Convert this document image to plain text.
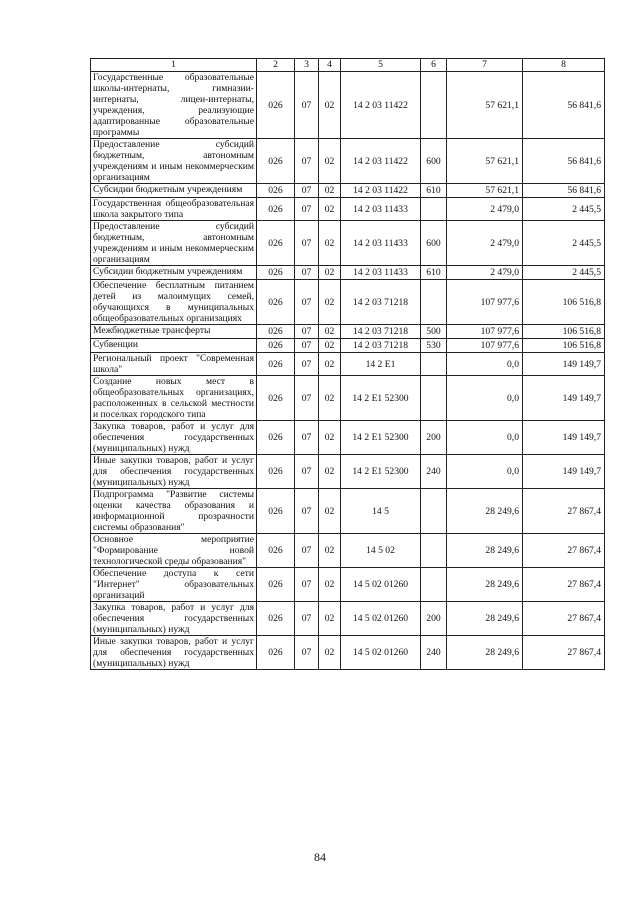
1	2	3	4	5	6	7	8
Государственные образовательные школы-интернаты, гимназии-интернаты, лицеи-интернаты, учреждения, реализующие адаптированные образовательные программы	026	07	02	14 2 03 11422		57 621,1	56 841,6
Предоставление субсидий бюджетным, автономным учреждениям и иным некоммерческим организациям	026	07	02	14 2 03 11422	600	57 621,1	56 841,6
Субсидии бюджетным учреждениям	026	07	02	14 2 03 11422	610	57 621,1	56 841,6
Государственная общеобразовательная школа закрытого типа	026	07	02	14 2 03 11433		2 479,0	2 445,5
Предоставление субсидий бюджетным, автономным учреждениям и иным некоммерческим организациям	026	07	02	14 2 03 11433	600	2 479,0	2 445,5
Субсидии бюджетным учреждениям	026	07	02	14 2 03 11433	610	2 479,0	2 445,5
Обеспечение бесплатным питанием детей из малоимущих семей, обучающихся в муниципальных общеобразовательных организациях	026	07	02	14 2 03 71218		107 977,6	106 516,8
Межбюджетные трансферты	026	07	02	14 2 03 71218	500	107 977,6	106 516,8
Субвенции	026	07	02	14 2 03 71218	530	107 977,6	106 516,8
Региональный проект "Современная школа"	026	07	02	14 2 E1		0,0	149 149,7
Создание новых мест в общеобразовательных организациях, расположенных в сельской местности и поселках городского типа	026	07	02	14 2 E1 52300		0,0	149 149,7
Закупка товаров, работ и услуг для обеспечения государственных (муниципальных) нужд	026	07	02	14 2 E1 52300	200	0,0	149 149,7
Иные закупки товаров, работ и услуг для обеспечения государственных (муниципальных) нужд	026	07	02	14 2 E1 52300	240	0,0	149 149,7
Подпрограмма "Развитие системы оценки качества образования и информационной прозрачности системы образования"	026	07	02	14 5		28 249,6	27 867,4
Основное мероприятие "Формирование новой технологической среды образования"	026	07	02	14 5 02		28 249,6	27 867,4
Обеспечение доступа к сети "Интернет" образовательных организаций	026	07	02	14 5 02 01260		28 249,6	27 867,4
Закупка товаров, работ и услуг для обеспечения государственных (муниципальных) нужд	026	07	02	14 5 02 01260	200	28 249,6	27 867,4
Иные закупки товаров, работ и услуг для обеспечения государственных (муниципальных) нужд	026	07	02	14 5 02 01260	240	28 249,6	27 867,4
84
